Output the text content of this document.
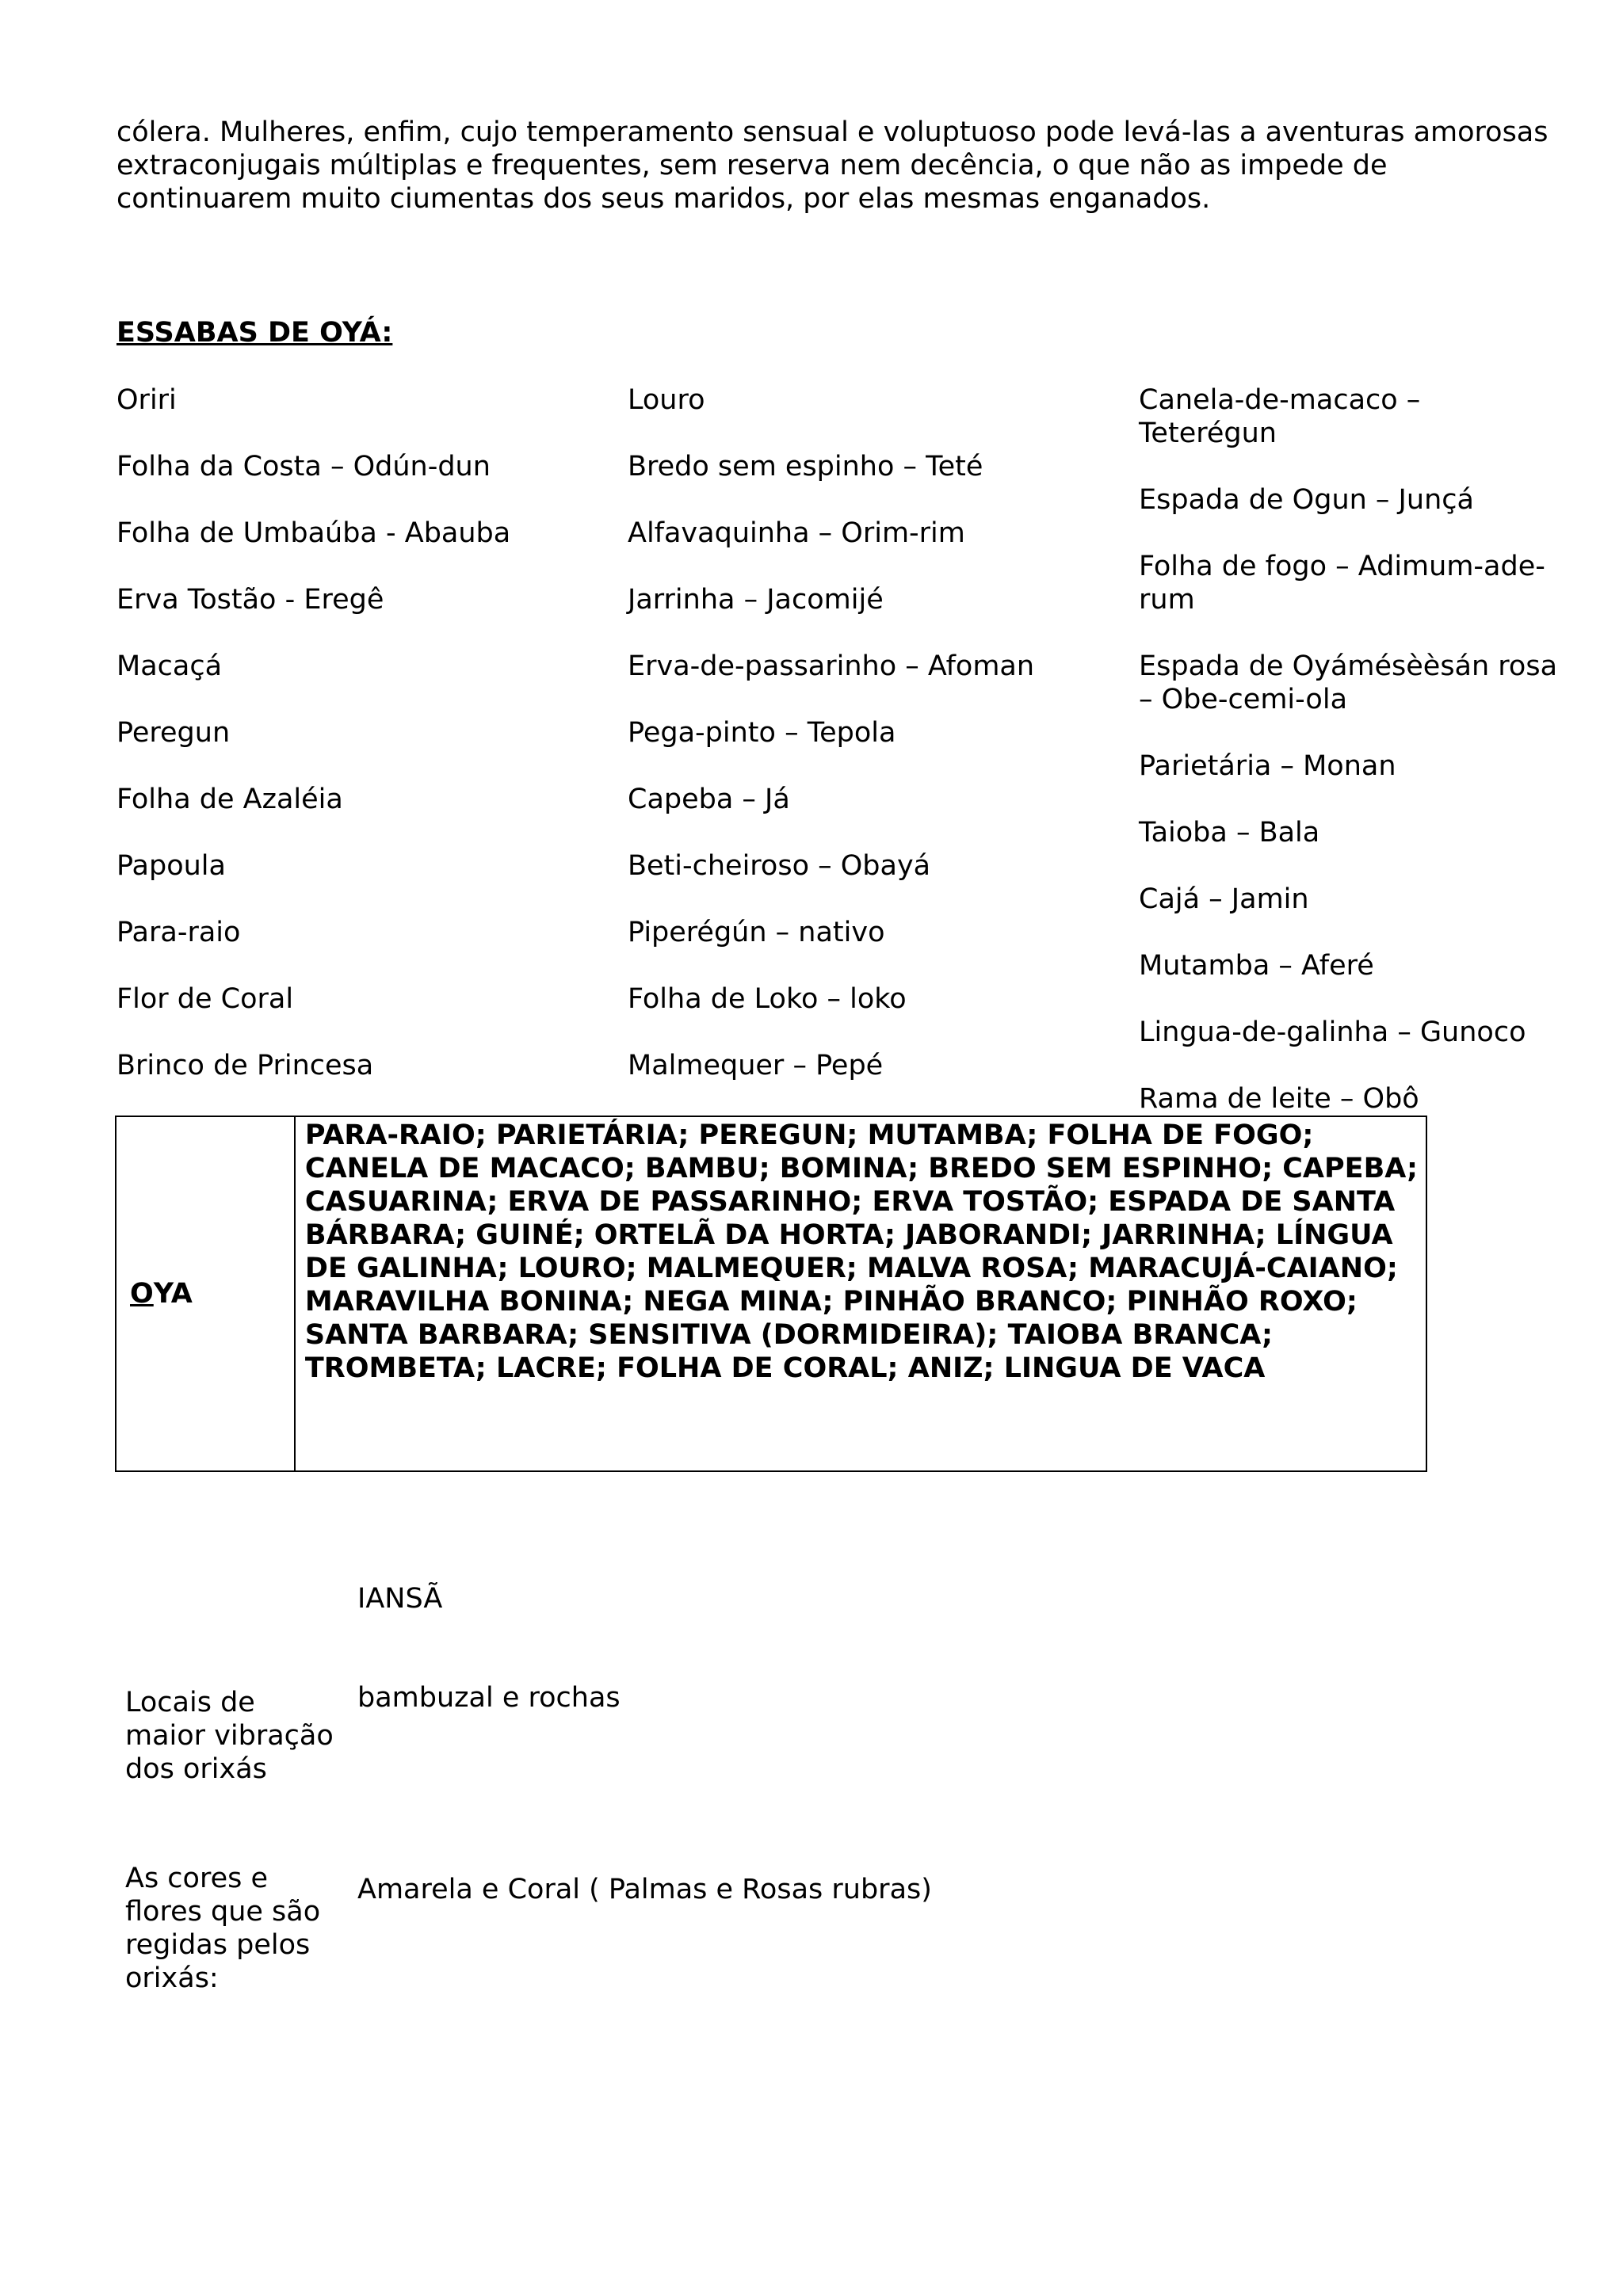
cólera. Mulheres, enfim, cujo temperamento sensual e voluptuoso pode levá-las a aventuras amorosas
extraconjugais múltiplas e frequentes, sem reserva nem decência, o que não as impede de
continuarem muito ciumentas dos seus maridos, por elas mesmas enganados.

ESSABAS DE OYÁ:

Oriri
Folha da Costa – Odún-dun
Folha de Umbaúba - Abauba
Erva Tostão - Eregê
Macaçá
Peregun
Folha de Azaléia
Papoula
Para-raio
Flor de Coral
Brinco de Princesa
Louro
Bredo sem espinho – Teté
Alfavaquinha – Orim-rim
Jarrinha – Jacomijé
Erva-de-passarinho – Afoman
Pega-pinto – Tepola
Capeba – Já
Beti-cheiroso – Obayá
Piperégún – nativo
Folha de Loko – loko
Malmequer – Pepé
Canela-de-macaco – Teterégun
Espada de Ogun – Junçá
Folha de fogo – Adimum-ade-rum
Espada de Oyámésèèsán rosa – Obe-cemi-ola
Parietária – Monan
Taioba – Bala
Cajá – Jamin
Mutamba – Aferé
Lingua-de-galinha – Gunoco
Rama de leite – Obô
O YA
PARA-RAIO; PARIETÁRIA; PEREGUN; MUTAMBA; FOLHA DE FOGO;
CANELA DE MACACO; BAMBU; BOMINA; BREDO SEM ESPINHO; CAPEBA;
CASUARINA; ERVA DE PASSARINHO; ERVA TOSTÃO; ESPADA DE SANTA
BÁRBARA; GUINÉ; ORTELÃ DA HORTA; JABORANDI; JARRINHA; LÍNGUA
DE GALINHA; LOURO; MALMEQUER; MALVA ROSA; MARACUJÁ-CAIANO;
MARAVILHA BONINA; NEGA MINA; PINHÃO BRANCO; PINHÃO ROXO;
SANTA BARBARA; SENSITIVA (DORMIDEIRA); TAIOBA BRANCA;
TROMBETA; LACRE; FOLHA DE CORAL; ANIZ; LINGUA DE VACA
IANSÃ
Locais de
maior vibração
dos orixás
bambuzal e rochas
As cores e
flores que são
regidas pelos
orixás:
Amarela e Coral ( Palmas e Rosas rubras)
